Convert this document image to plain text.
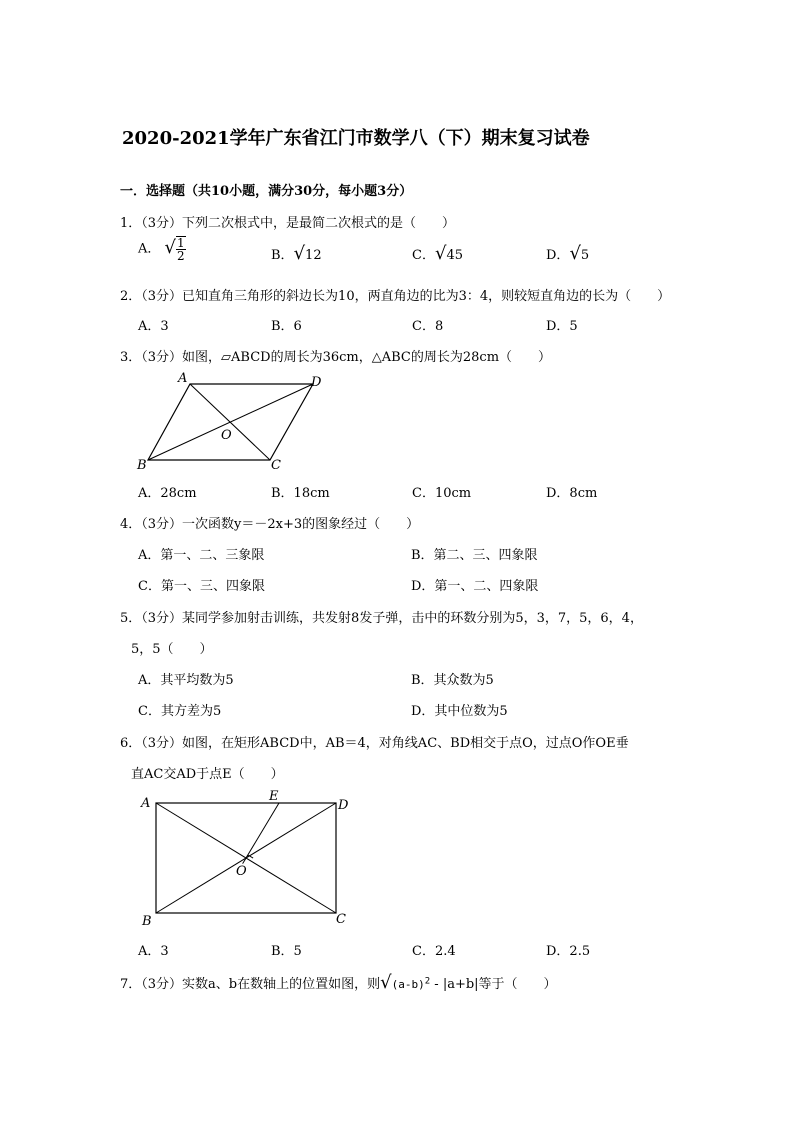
2020-2021学年广东省江门市数学八（下）期末复习试卷
一．选择题（共10小题，满分30分，每小题3分）
1．（3分）下列二次根式中，是最简二次根式的是（　　）
A． √ $\frac{1}{2}$	B．√12	C．√45	D．√5
2．（3分）已知直角三角形的斜边长为10，两直角边的比为3：4，则较短直角边的长为（　　）
A．3	B．6	C．8	D．5
3．（3分）如图，▱ABCD的周长为36cm，△ABC的周长为28cm（　　）
A	D
B	C
O
A．28cm	B．18cm	C．10cm	D．8cm
4．（3分）一次函数y＝－2x+3的图象经过（　　）
A．第一、二、三象限	B．第二、三、四象限
C．第一、三、四象限	D．第一、二、四象限
5．（3分）某同学参加射击训练，共发射8发子弹，击中的环数分别为5，3，7，5，6，4，
5，5（　　）
A．其平均数为5	B．其众数为5
C．其方差为5	D．其中位数为5
6．（3分）如图，在矩形ABCD中，AB＝4，对角线AC、BD相交于点O，过点O作OE垂
直AC交AD于点E（　　）
A	E
D
B	C
O
A．3	B．5	C．2.4	D．2.5
7．（3分）实数a、b在数轴上的位置如图，则$√(a-b)^2 - |a+b|$等于（　　）
